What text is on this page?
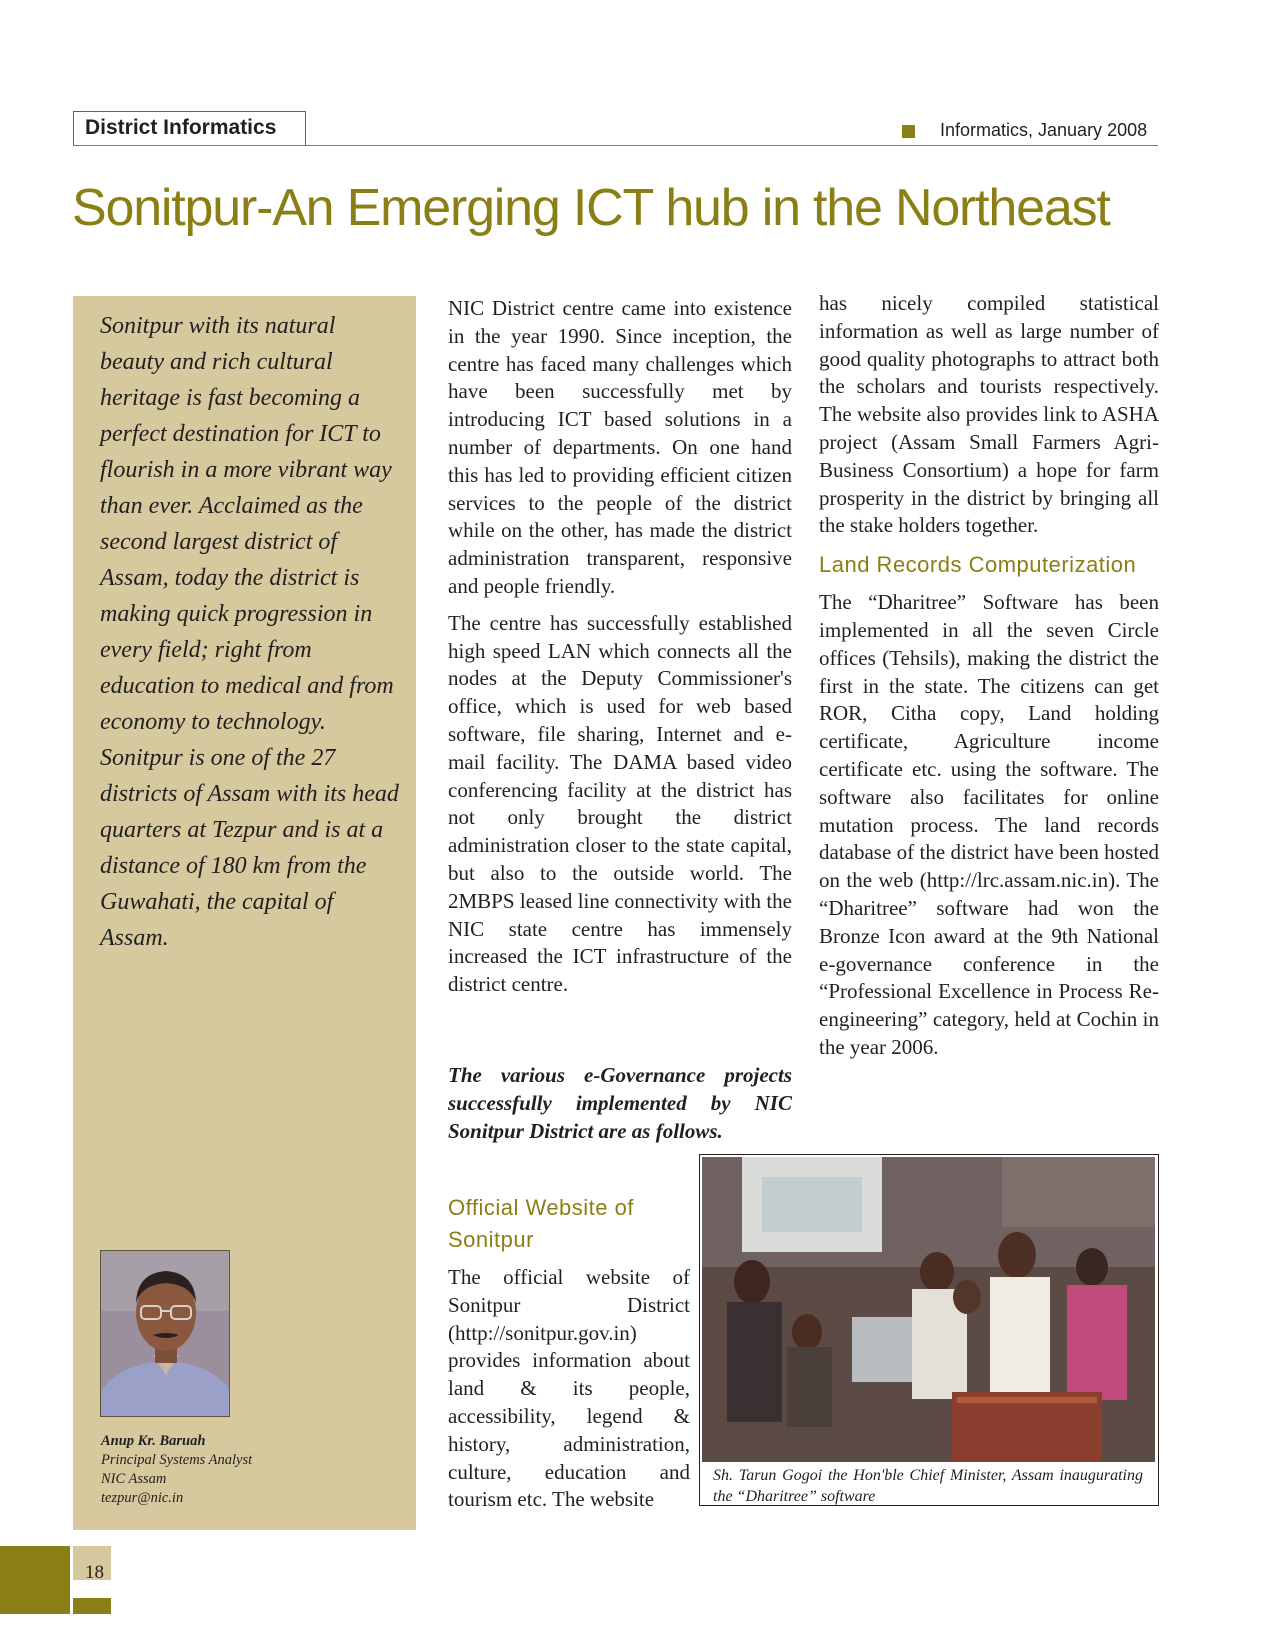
District Informatics	Informatics, January 2008
Sonitpur-An Emerging ICT hub in the Northeast

Sonitpur with its natural beauty and rich cultural heritage is fast becoming a perfect destination for ICT to flourish in a more vibrant way than ever. Acclaimed as the second largest district of Assam, today the district is making quick progression in every field; right from education to medical and from economy to technology. Sonitpur is one of the 27 districts of Assam with its head quarters at Tezpur and is at a distance of 180 km from the Guwahati, the capital of Assam.

Anup Kr. Baruah
Principal Systems Analyst
NIC Assam
tezpur@nic.in

NIC District centre came into existence in the year 1990. Since inception, the centre has faced many challenges which have been successfully met by introducing ICT based solutions in a number of departments. On one hand this has led to providing efficient citizen services to the people of the district while on the other, has made the district administration transparent, responsive and people friendly.

The centre has successfully established high speed LAN which connects all the nodes at the Deputy Commissioner's office, which is used for web based software, file sharing, Internet and e-mail facility. The DAMA based video conferencing facility at the district has not only brought the district administration closer to the state capital, but also to the outside world. The 2MBPS leased line connectivity with the NIC state centre has immensely increased the ICT infrastructure of the district centre.

The various e-Governance projects successfully implemented by NIC Sonitpur District are as follows.

Official Website of Sonitpur

The official website of Sonitpur District (http://sonitpur.gov.in) provides information about land & its people, accessibility, legend & history, administration, culture, education and tourism etc. The website

has nicely compiled statistical information as well as large number of good quality photographs to attract both the scholars and tourists respectively. The website also provides link to ASHA project (Assam Small Farmers Agri-Business Consortium) a hope for farm prosperity in the district by bringing all the stake holders together.

Land Records Computerization

The “Dharitree” Software has been implemented in all the seven Circle offices (Tehsils), making the district the first in the state. The citizens can get ROR, Citha copy, Land holding certificate, Agriculture income certificate etc. using the software. The software also facilitates for online mutation process. The land records database of the district have been hosted on the web (http://lrc.assam.nic.in). The “Dharitree” software had won the Bronze Icon award at the 9th National e-governance conference in the “Professional Excellence in Process Re-engineering” category, held at Cochin in the year 2006.

Sh. Tarun Gogoi the Hon'ble Chief Minister, Assam inaugurating the “Dharitree” software
18
